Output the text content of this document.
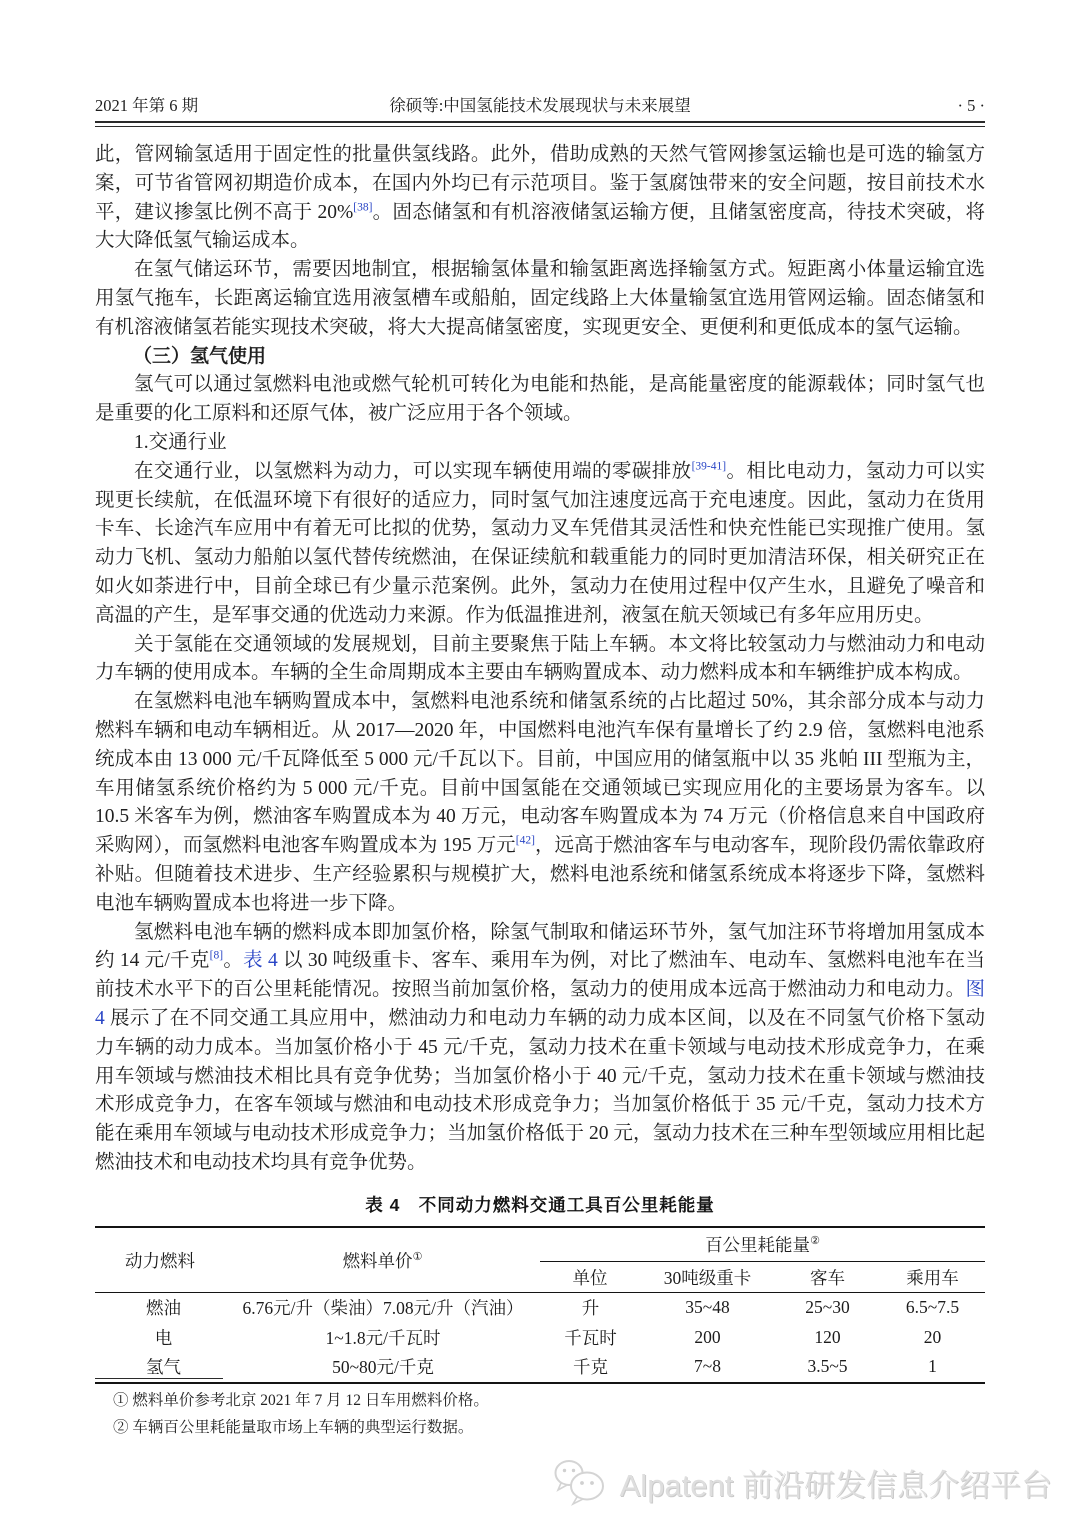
2021 年第 6 期	徐硕等:中国氢能技术发展现状与未来展望	· 5 ·

此，管网输氢适用于固定性的批量供氢线路。此外，借助成熟的天然气管网掺氢运输也是可选的输氢方案，可节省管网初期造价成本，在国内外均已有示范项目。鉴于氢腐蚀带来的安全问题，按目前技术水平，建议掺氢比例不高于 20%[38]。固态储氢和有机溶液储氢运输方便，且储氢密度高，待技术突破，将大大降低氢气输运成本。

在氢气储运环节，需要因地制宜，根据输氢体量和输氢距离选择输氢方式。短距离小体量运输宜选用氢气拖车，长距离运输宜选用液氢槽车或船舶，固定线路上大体量输氢宜选用管网运输。固态储氢和有机溶液储氢若能实现技术突破，将大大提高储氢密度，实现更安全、更便利和更低成本的氢气运输。

（三）氢气使用

氢气可以通过氢燃料电池或燃气轮机可转化为电能和热能，是高能量密度的能源载体；同时氢气也是重要的化工原料和还原气体，被广泛应用于各个领域。

1.交通行业

在交通行业，以氢燃料为动力，可以实现车辆使用端的零碳排放[39-41]。相比电动力，氢动力可以实现更长续航，在低温环境下有很好的适应力，同时氢气加注速度远高于充电速度。因此，氢动力在货用卡车、长途汽车应用中有着无可比拟的优势，氢动力叉车凭借其灵活性和快充性能已实现推广使用。氢动力飞机、氢动力船舶以氢代替传统燃油，在保证续航和载重能力的同时更加清洁环保，相关研究正在如火如荼进行中，目前全球已有少量示范案例。此外，氢动力在使用过程中仅产生水，且避免了噪音和高温的产生，是军事交通的优选动力来源。作为低温推进剂，液氢在航天领域已有多年应用历史。

关于氢能在交通领域的发展规划，目前主要聚焦于陆上车辆。本文将比较氢动力与燃油动力和电动力车辆的使用成本。车辆的全生命周期成本主要由车辆购置成本、动力燃料成本和车辆维护成本构成。

在氢燃料电池车辆购置成本中，氢燃料电池系统和储氢系统的占比超过 50%，其余部分成本与动力燃料车辆和电动车辆相近。从 2017—2020 年，中国燃料电池汽车保有量增长了约 2.9 倍，氢燃料电池系统成本由 13 000 元/千瓦降低至 5 000 元/千瓦以下。目前，中国应用的储氢瓶中以 35 兆帕 III 型瓶为主，车用储氢系统价格约为 5 000 元/千克。目前中国氢能在交通领域已实现应用化的主要场景为客车。以 10.5 米客车为例，燃油客车购置成本为 40 万元，电动客车购置成本为 74 万元（价格信息来自中国政府采购网），而氢燃料电池客车购置成本为 195 万元[42]，远高于燃油客车与电动客车，现阶段仍需依靠政府补贴。但随着技术进步、生产经验累积与规模扩大，燃料电池系统和储氢系统成本将逐步下降，氢燃料电池车辆购置成本也将进一步下降。

氢燃料电池车辆的燃料成本即加氢价格，除氢气制取和储运环节外，氢气加注环节将增加用氢成本约 14 元/千克[8]。表 4 以 30 吨级重卡、客车、乘用车为例，对比了燃油车、电动车、氢燃料电池车在当前技术水平下的百公里耗能情况。按照当前加氢价格，氢动力的使用成本远高于燃油动力和电动力。图 4 展示了在不同交通工具应用中，燃油动力和电动力车辆的动力成本区间，以及在不同氢气价格下氢动力车辆的动力成本。当加氢价格小于 45 元/千克，氢动力技术在重卡领域与电动技术形成竞争力，在乘用车领域与燃油技术相比具有竞争优势；当加氢价格小于 40 元/千克，氢动力技术在重卡领域与燃油技术形成竞争力，在客车领域与燃油和电动技术形成竞争力；当加氢价格低于 35 元/千克，氢动力技术方能在乘用车领域与电动技术形成竞争力；当加氢价格低于 20 元，氢动力技术在三种车型领域应用相比起燃油技术和电动技术均具有竞争优势。

表 4　不同动力燃料交通工具百公里耗能量
动力燃料	燃料单价①	百公里耗能量②
		单位	30吨级重卡	客车	乘用车
燃油	6.76元/升（柴油）7.08元/升（汽油）	升	35~48	25~30	6.5~7.5
电	1~1.8元/千瓦时	千瓦时	200	120	20
氢气	50~80元/千克	千克	7~8	3.5~5	1
① 燃料单价参考北京 2021 年 7 月 12 日车用燃料价格。
② 车辆百公里耗能量取市场上车辆的典型运行数据。
Alpatent 前沿研发信息介绍平台
